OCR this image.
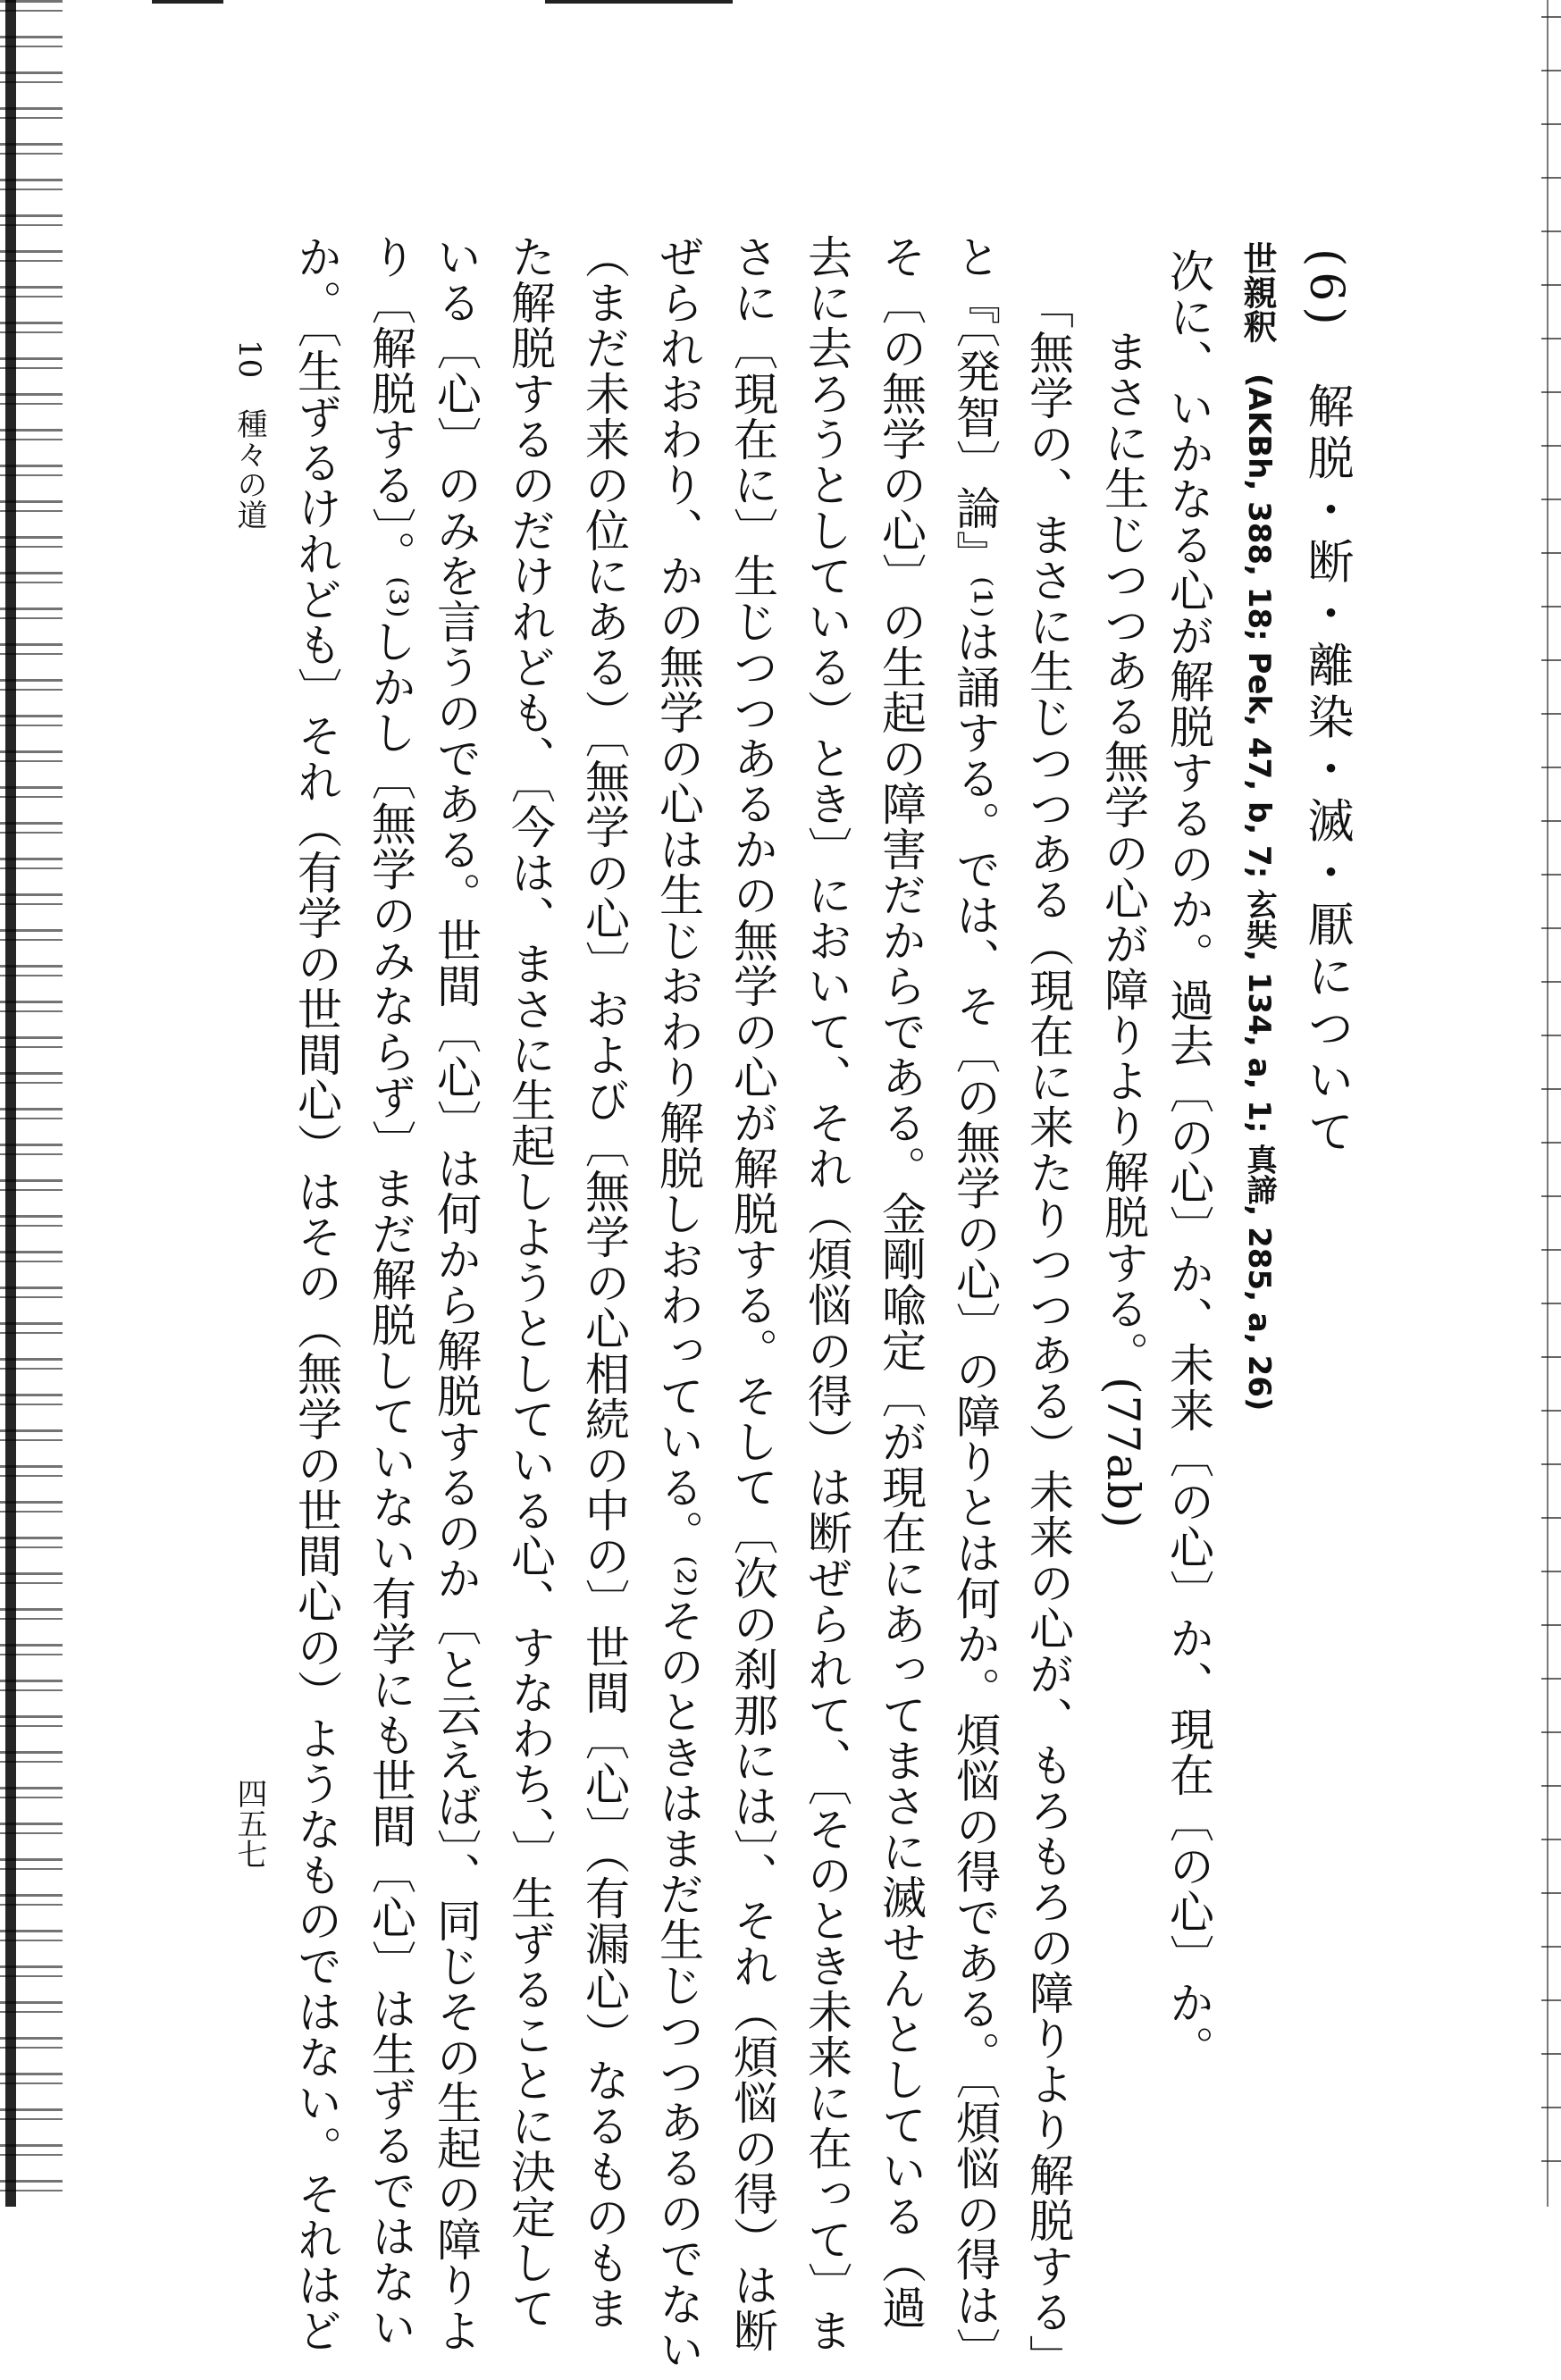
(6)　解脱・断・離染・滅・厭について
次に、いかなる心が解脱するのか。過去〔の心〕か、未来〔の心〕か、現在〔の心〕か。 世親釈
(AKBh, 388, 18; Pek, 47, b, 7; 玄奘, 134, a, 1; 真諦, 285, a, 26)
まさに生じつつある無学の心が障りより解脱する。(77ab)
「無学の、まさに生じつつある（現在に来たりつつある）未来の心が、もろもろの障りより解脱する」
と『〔発智〕論』⁽¹⁾は誦する。では、そ〔の無学の心〕の障りとは何か。煩悩の得である。〔煩悩の得は〕
そ〔の無学の心〕の生起の障害だからである。金剛喩定〔が現在にあってまさに滅せんとしている（過
去に去ろうとしている）とき〕において、それ（煩悩の得）は断ぜられて、〔そのとき未来に在って〕ま
さに〔現在に〕生じつつあるかの無学の心が解脱する。そして〔次の刹那には〕、それ（煩悩の得）は断
ぜられおわり、かの無学の心は生じおわり解脱しおわっている。⁽²⁾そのときはまだ生じつつあるのでない
（まだ未来の位にある）〔無学の心〕および〔無学の心相続の中の〕世間〔心〕（有漏心）なるものもま
た解脱するのだけれども、〔今は、まさに生起しようとしている心、すなわち、〕生ずることに決定して
いる〔心〕のみを言うのである。世間〔心〕は何から解脱するのか〔と云えば〕、同じその生起の障りよ
り〔解脱する〕。⁽³⁾しかし〔無学のみならず〕まだ解脱していない有学にも世間〔心〕は生ずるではない
か。〔生ずるけれども〕それ（有学の世間心）はその（無学の世間心の）ようなものではない。それはど
10　種々の道
四五七
